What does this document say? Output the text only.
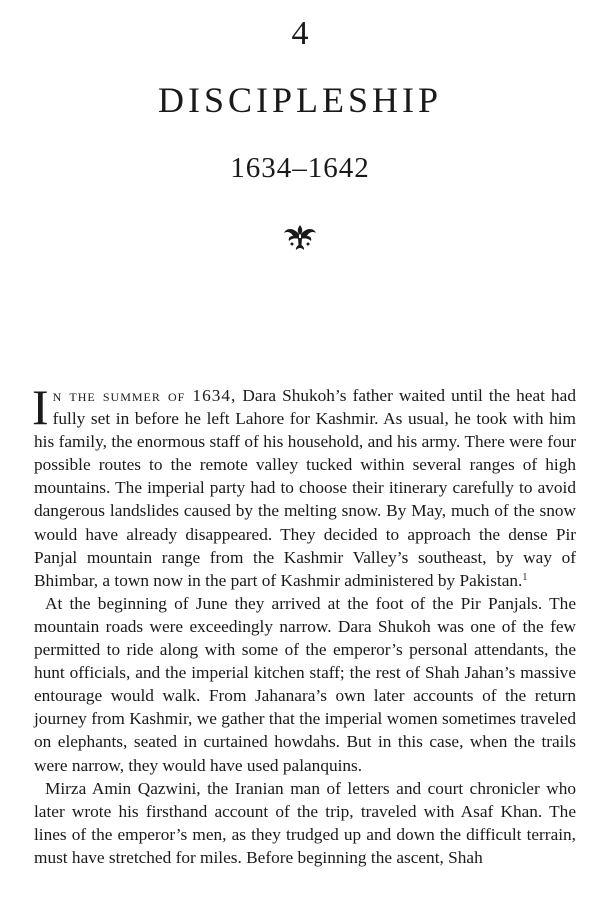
4
DISCIPLESHIP
1634–1642

In the summer of 1634, Dara Shukoh’s father waited until the heat had fully set in before he left Lahore for Kashmir. As usual, he took with him his family, the enormous staff of his household, and his army. There were four possible routes to the remote valley tucked within several ranges of high mountains. The imperial party had to choose their itinerary carefully to avoid dangerous landslides caused by the melting snow. By May, much of the snow would have already disappeared. They decided to approach the dense Pir Panjal mountain range from the Kashmir Valley’s southeast, by way of Bhimbar, a town now in the part of Kashmir administered by Pakistan.$^1$

At the beginning of June they arrived at the foot of the Pir Panjals. The mountain roads were exceedingly narrow. Dara Shukoh was one of the few permitted to ride along with some of the emperor’s personal attendants, the hunt officials, and the imperial kitchen staff; the rest of Shah Jahan’s massive entourage would walk. From Jahanara’s own later accounts of the return journey from Kashmir, we gather that the imperial women sometimes traveled on elephants, seated in curtained howdahs. But in this case, when the trails were narrow, they would have used palanquins.

Mirza Amin Qazwini, the Iranian man of letters and court chronicler who later wrote his firsthand account of the trip, traveled with Asaf Khan. The lines of the emperor’s men, as they trudged up and down the difficult terrain, must have stretched for miles. Before beginning the ascent, Shah
